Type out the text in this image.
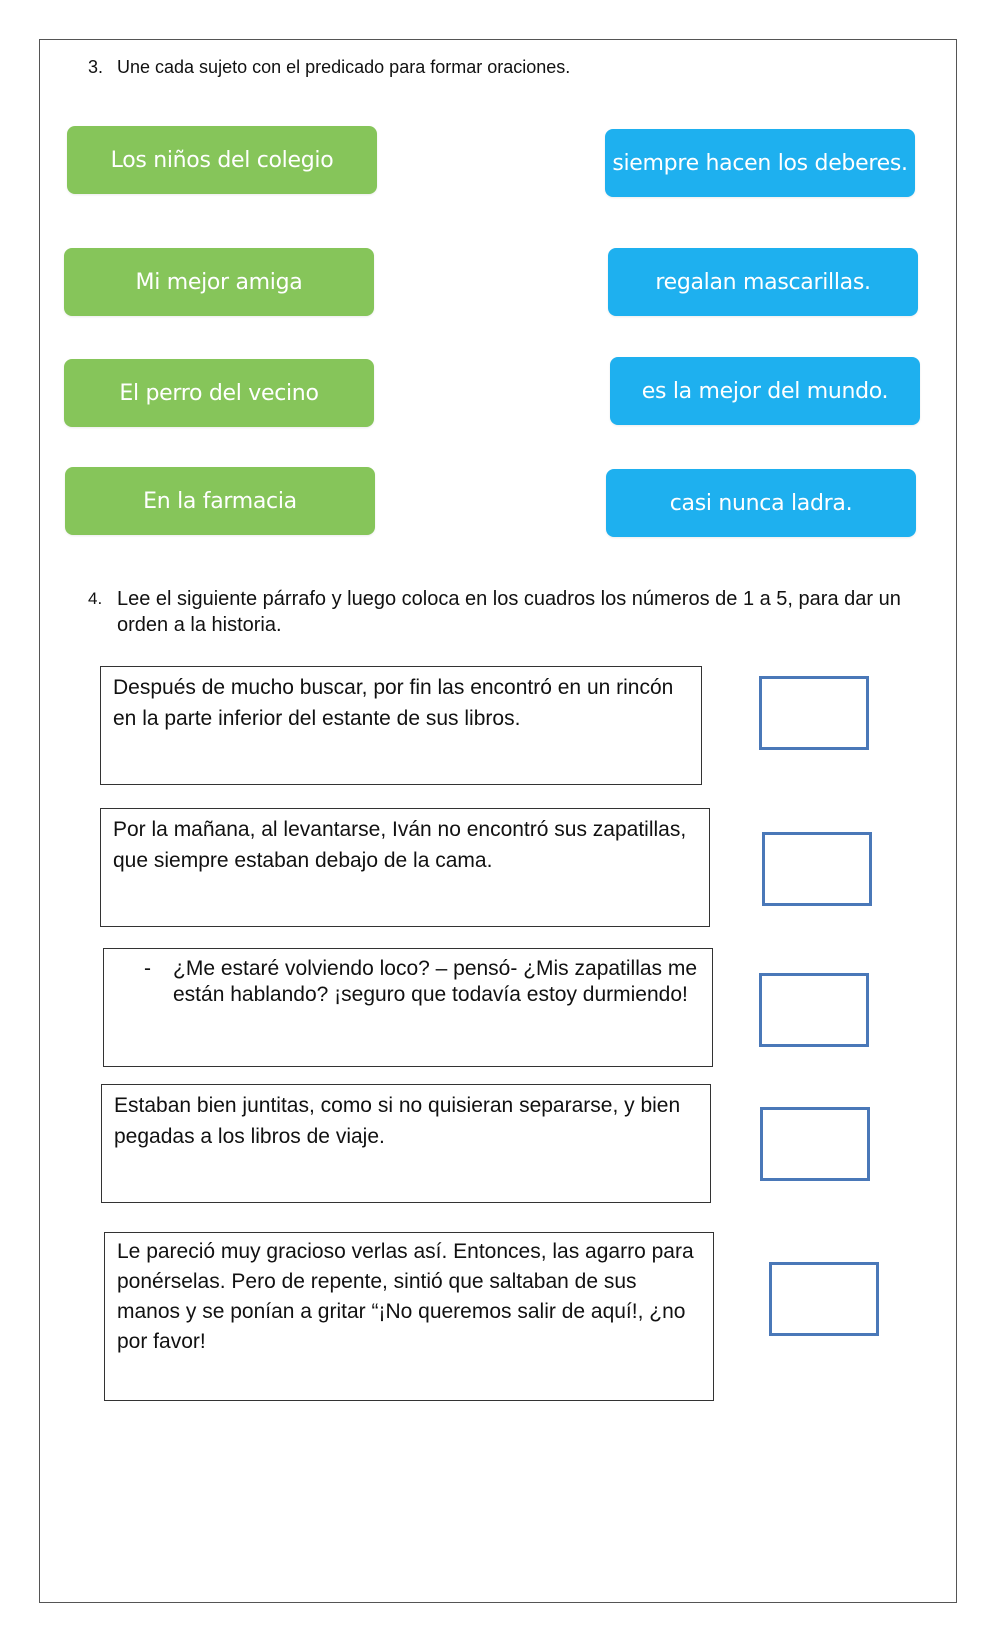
3. Une cada sujeto con el predicado para formar oraciones.
Los niños del colegio
Mi mejor amiga
El perro del vecino
En la farmacia
siempre hacen los deberes.
regalan mascarillas.
es la mejor del mundo.
casi nunca ladra.
4. Lee el siguiente párrafo y luego coloca en los cuadros los números de 1 a 5, para dar un orden a la historia.
Después de mucho buscar, por fin las encontró en un rincón en la parte inferior del estante de sus libros.
Por la mañana, al levantarse, Iván no encontró sus zapatillas, que siempre estaban debajo de la cama.
-	¿Me estaré volviendo loco? – pensó- ¿Mis zapatillas me están hablando? ¡seguro que todavía estoy durmiendo!
Estaban bien juntitas, como si no quisieran separarse, y bien pegadas a los libros de viaje.
Le pareció muy gracioso verlas así. Entonces, las agarro para ponérselas. Pero de repente, sintió que saltaban de sus manos y se ponían a gritar “¡No queremos salir de aquí!, ¿no por favor!
